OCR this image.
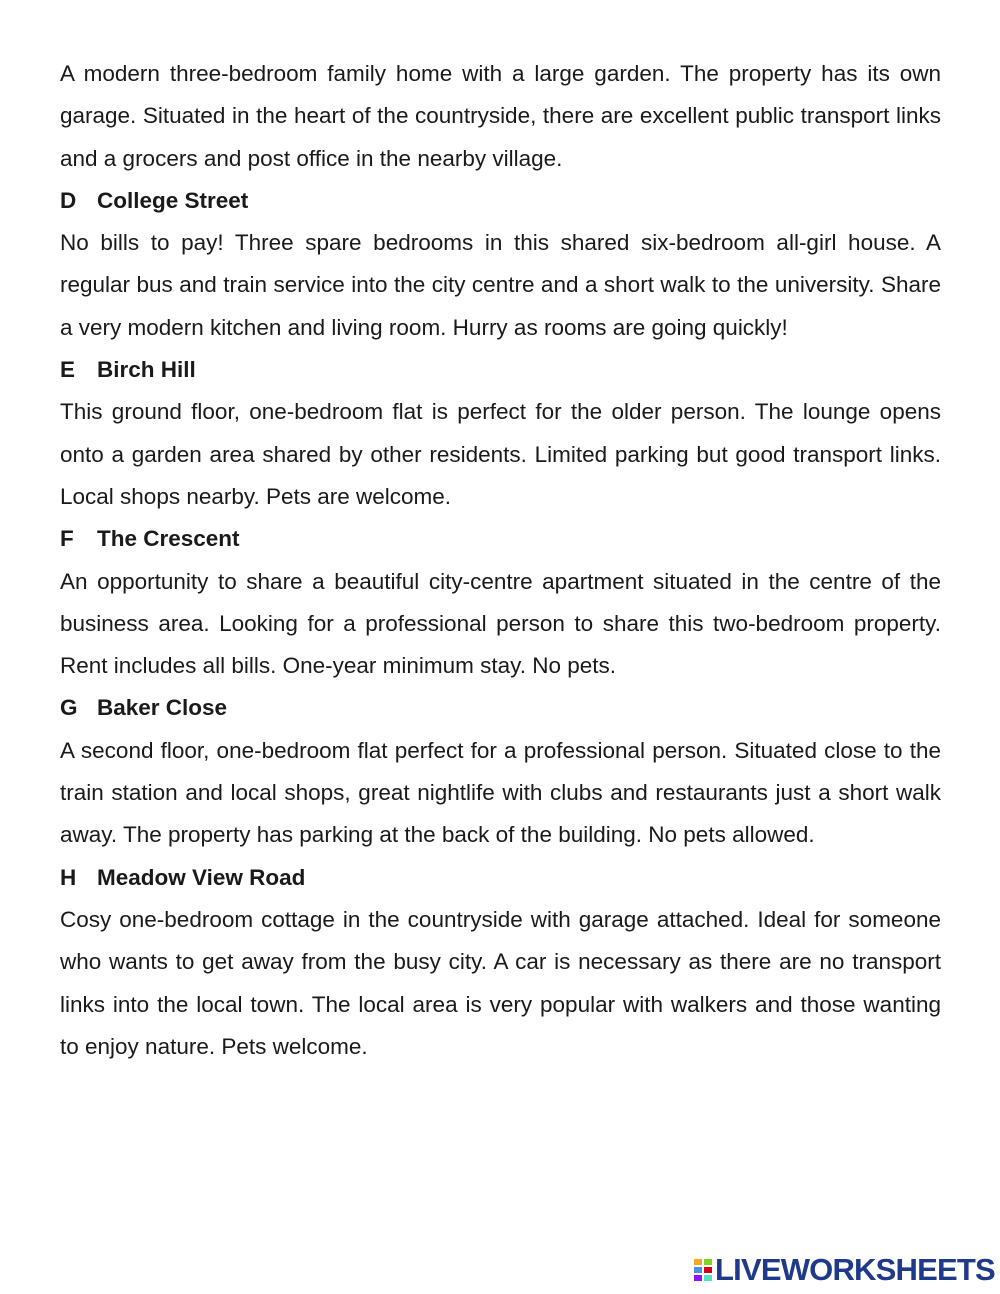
A modern three-bedroom family home with a large garden. The property has its own garage. Situated in the heart of the countryside, there are excellent public transport links and a grocers and post office in the nearby village.

D College Street

No bills to pay! Three spare bedrooms in this shared six-bedroom all-girl house. A regular bus and train service into the city centre and a short walk to the university. Share a very modern kitchen and living room. Hurry as rooms are going quickly!

E Birch Hill

This ground floor, one-bedroom flat is perfect for the older person. The lounge opens onto a garden area shared by other residents. Limited parking but good transport links. Local shops nearby. Pets are welcome.

F The Crescent

An opportunity to share a beautiful city-centre apartment situated in the centre of the business area. Looking for a professional person to share this two-bedroom property. Rent includes all bills. One-year minimum stay. No pets.

G Baker Close

A second floor, one-bedroom flat perfect for a professional person. Situated close to the train station and local shops, great nightlife with clubs and restaurants just a short walk away. The property has parking at the back of the building. No pets allowed.

H Meadow View Road

Cosy one-bedroom cottage in the countryside with garage attached. Ideal for someone who wants to get away from the busy city. A car is necessary as there are no transport links into the local town. The local area is very popular with walkers and those wanting to enjoy nature. Pets welcome.

LIVEWORKSHEETS
